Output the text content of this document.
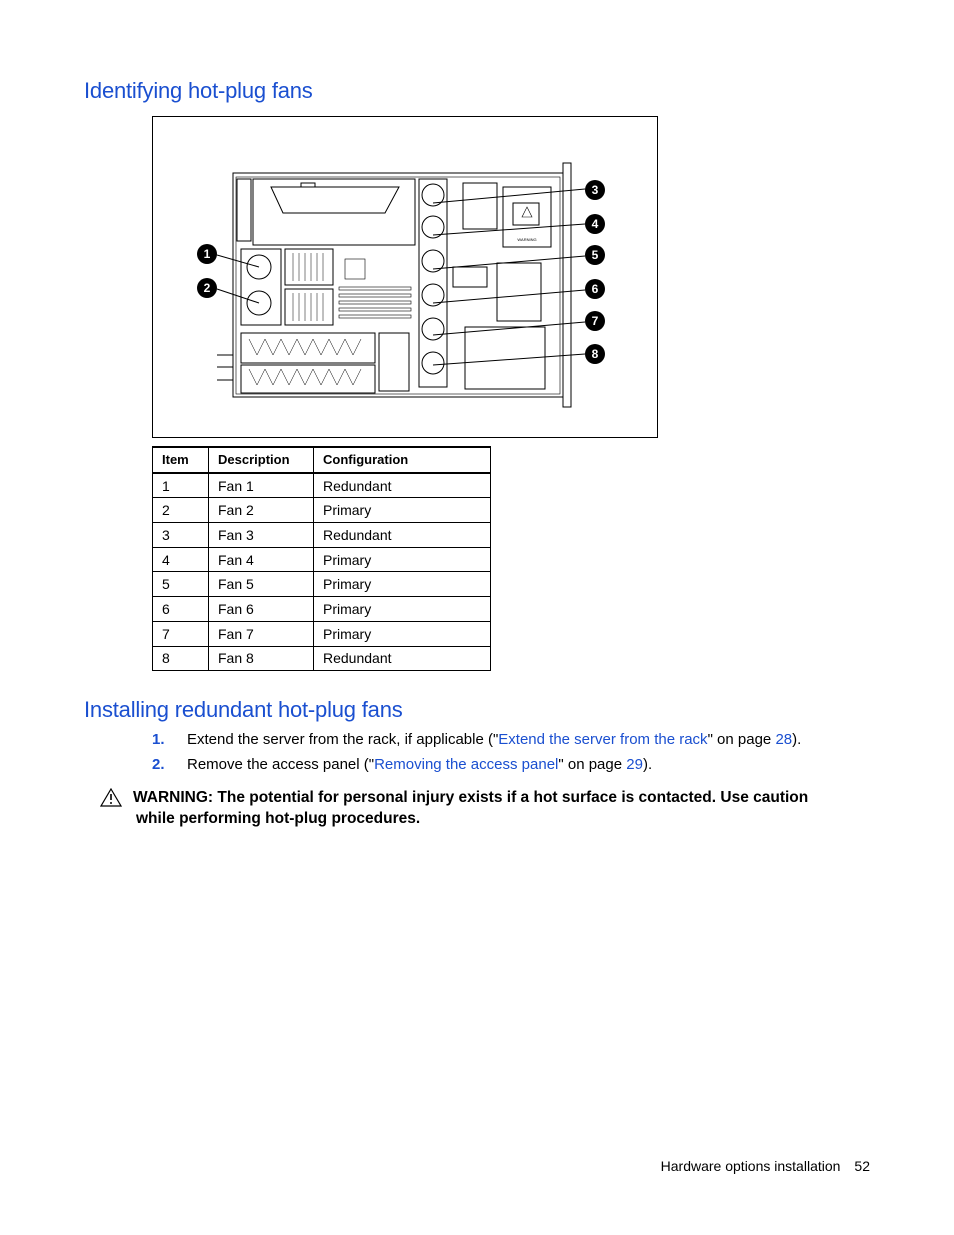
Identifying hot-plug fans
1
2
3
4
5
6
7
8
WARNING
Item	Description	Configuration
1	Fan 1	Redundant
2	Fan 2	Primary
3	Fan 3	Redundant
4	Fan 4	Primary
5	Fan 5	Primary
6	Fan 6	Primary
7	Fan 7	Primary
8	Fan 8	Redundant
Installing redundant hot-plug fans
1.	Extend the server from the rack, if applicable ("Extend the server from the rack" on page 28).
2.	Remove the access panel ("Removing the access panel" on page 29).
WARNING: The potential for personal injury exists if a hot surface is contacted. Use caution while performing hot-plug procedures.
Hardware options installation 52
